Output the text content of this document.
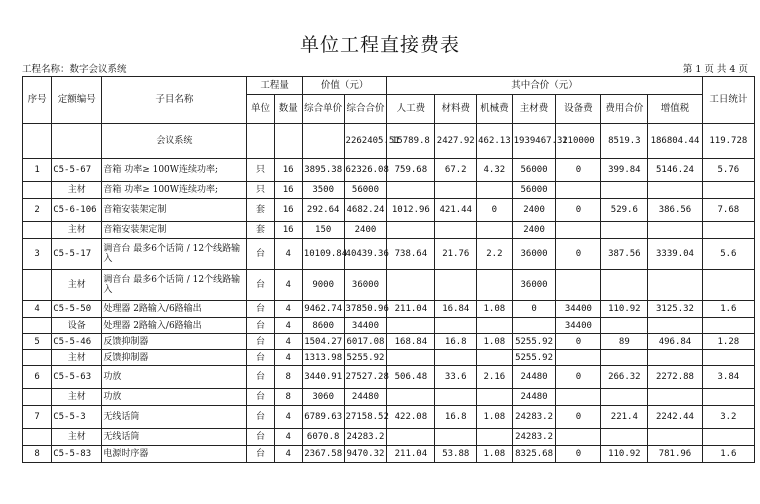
单位工程直接费表
工程名称：数字会议系统	第 1 页 共 4 页
序号	定额编号	子目名称	工程量		价值（元）		其中合价（元）							工日统计
			单位	数量	综合单价	综合合价	人工费	材料费	机械费	主材费	设备费	费用合价	增值税	
		会议系统				2262405.51	15789.8	2427.92	462.13	1939467.32	110000	8519.3	186804.44	119.728
1	C5-5-67	音箱 功率≥ 100W连续功率;	只	16	3895.38	62326.08	759.68	67.2	4.32	56000	0	399.84	5146.24	5.76
	主材	音箱 功率≥ 100W连续功率;	只	16	3500	56000				56000				
2	C5-6-106	音箱安装架定制	套	16	292.64	4682.24	1012.96	421.44	0	2400	0	529.6	386.56	7.68
	主材	音箱安装架定制	套	16	150	2400				2400				
3	C5-5-17	调音台 最多6个话筒 / 12个线路输入	台	4	10109.84	40439.36	738.64	21.76	2.2	36000	0	387.56	3339.04	5.6
	主材	调音台 最多6个话筒 / 12个线路输入	台	4	9000	36000				36000				
4	C5-5-50	处理器 2路输入/6路输出	台	4	9462.74	37850.96	211.04	16.84	1.08	0	34400	110.92	3125.32	1.6
	设备	处理器 2路输入/6路输出	台	4	8600	34400					34400			
5	C5-5-46	反馈抑制器	台	4	1504.27	6017.08	168.84	16.8	1.08	5255.92	0	89	496.84	1.28
	主材	反馈抑制器	台	4	1313.98	5255.92				5255.92				
6	C5-5-63	功放	台	8	3440.91	27527.28	506.48	33.6	2.16	24480	0	266.32	2272.88	3.84
	主材	功放	台	8	3060	24480				24480				
7	C5-5-3	无线话筒	台	4	6789.63	27158.52	422.08	16.8	1.08	24283.2	0	221.4	2242.44	3.2
	主材	无线话筒	台	4	6070.8	24283.2				24283.2				
8	C5-5-83	电源时序器	台	4	2367.58	9470.32	211.04	53.88	1.08	8325.68	0	110.92	781.96	1.6
